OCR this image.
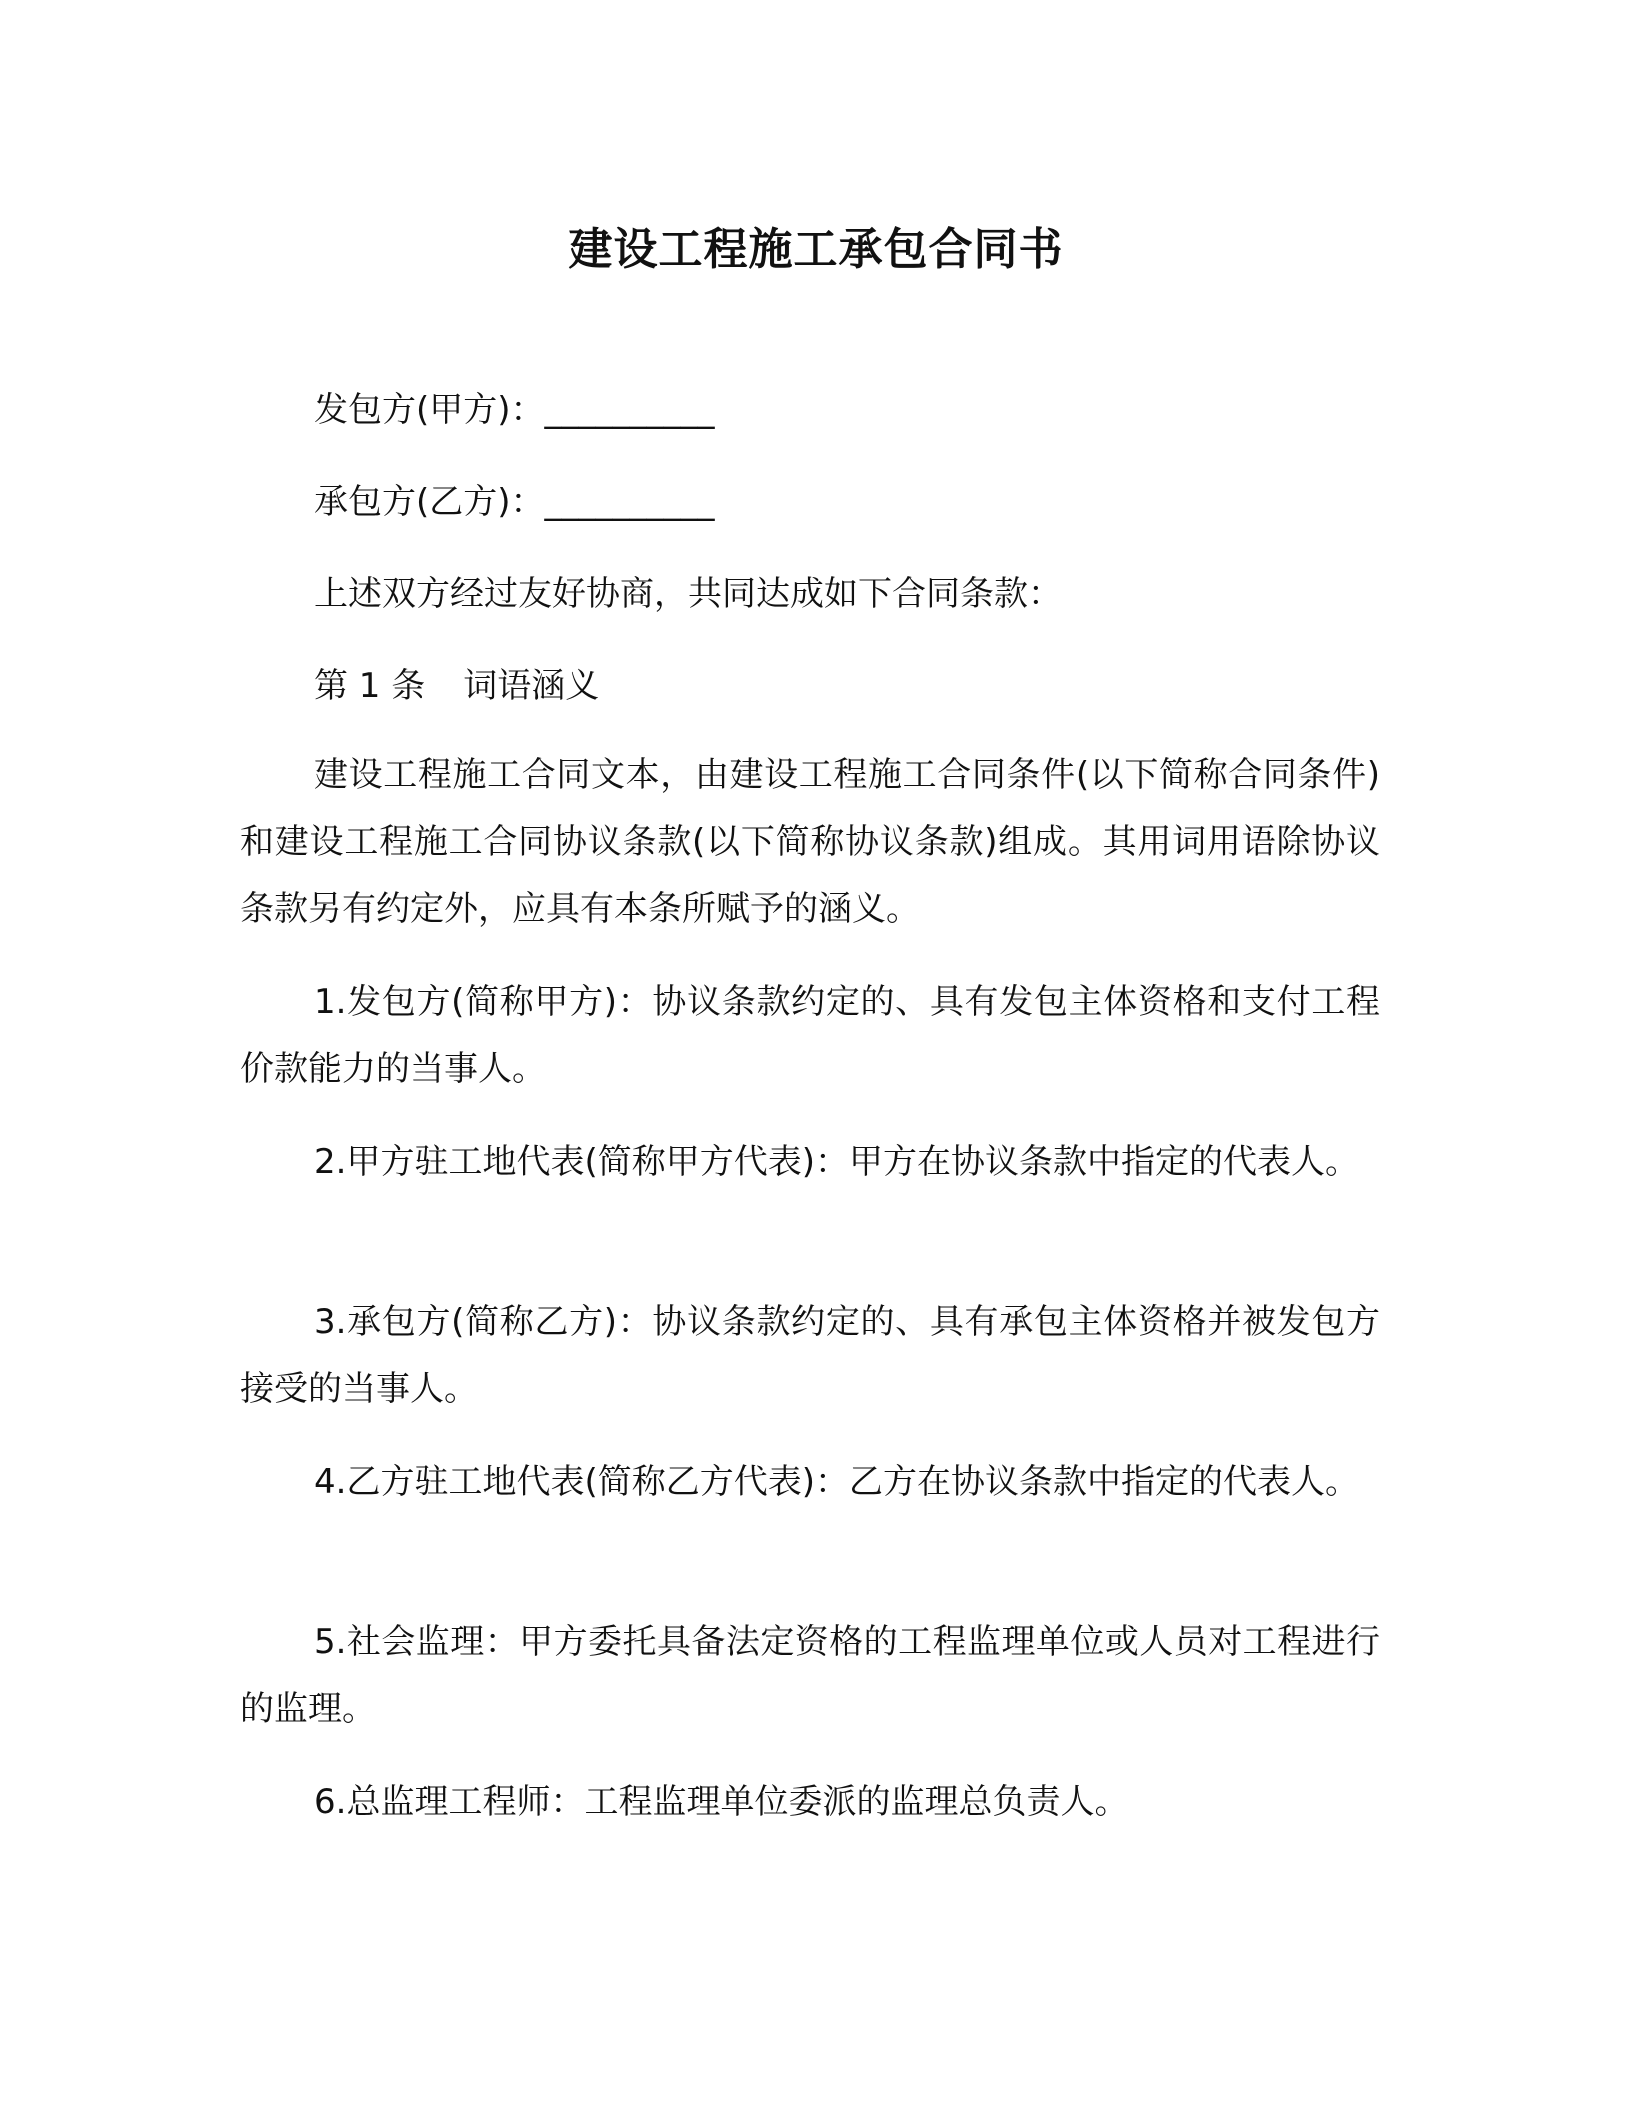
建设工程施工承包合同书
发包方(甲方)：__________
承包方(乙方)：__________
上述双方经过友好协商，共同达成如下合同条款：
第 1 条 词语涵义

建设工程施工合同文本，由建设工程施工合同条件(以下简称合同条件)和建设工程施工合同协议条款(以下简称协议条款)组成。其用词用语除协议条款另有约定外，应具有本条所赋予的涵义。

1.发包方(简称甲方)：协议条款约定的、具有发包主体资格和支付工程价款能力的当事人。

2.甲方驻工地代表(简称甲方代表)：甲方在协议条款中指定的代表人。

3.承包方(简称乙方)：协议条款约定的、具有承包主体资格并被发包方接受的当事人。

4.乙方驻工地代表(简称乙方代表)：乙方在协议条款中指定的代表人。

5.社会监理：甲方委托具备法定资格的工程监理单位或人员对工程进行的监理。

6.总监理工程师：工程监理单位委派的监理总负责人。
